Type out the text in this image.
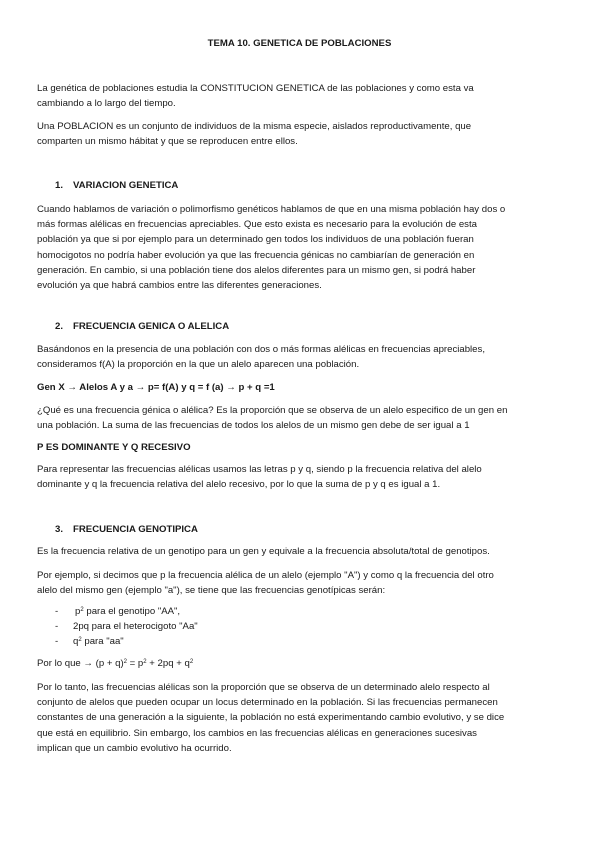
TEMA 10. GENETICA DE POBLACIONES
La genética de poblaciones estudia la CONSTITUCION GENETICA de las poblaciones y como esta va
cambiando a lo largo del tiempo.
Una POBLACION es un conjunto de individuos de la misma especie, aislados reproductivamente, que
comparten un mismo hábitat y que se reproducen entre ellos.
1. VARIACION GENETICA
Cuando hablamos de variación o polimorfismo genéticos hablamos de que en una misma población hay dos o
más formas alélicas en frecuencias apreciables. Que esto exista es necesario para la evolución de esta
población ya que si por ejemplo para un determinado gen todos los individuos de una población fueran
homocigotos no podría haber evolución ya que las frecuencia génicas no cambiarían de generación en
generación. En cambio, si una población tiene dos alelos diferentes para un mismo gen, si podrá haber
evolución ya que habrá cambios entre las diferentes generaciones.
2. FRECUENCIA GENICA O ALELICA
Basándonos en la presencia de una población con dos o más formas alélicas en frecuencias apreciables,
consideramos f(A) la proporción en la que un alelo aparecen una población.
Gen X → Alelos A y a → p= f(A) y q = f (a) → p + q =1
¿Qué es una frecuencia génica o alélica? Es la proporción que se observa de un alelo especifico de un gen en
una población. La suma de las frecuencias de todos los alelos de un mismo gen debe de ser igual a 1
P ES DOMINANTE Y Q RECESIVO
Para representar las frecuencias alélicas usamos las letras p y q, siendo p la frecuencia relativa del alelo
dominante y q la frecuencia relativa del alelo recesivo, por lo que la suma de p y q es igual a 1.
3. FRECUENCIA GENOTIPICA
Es la frecuencia relativa de un genotipo para un gen y equivale a la frecuencia absoluta/total de genotipos.
Por ejemplo, si decimos que p la frecuencia alélica de un alelo (ejemplo "A") y como q la frecuencia del otro
alelo del mismo gen (ejemplo "a"), se tiene que las frecuencias genotípicas serán:
- $p^2$ para el genotipo "AA",
- 2pq para el heterocigoto "Aa"
- $q^2$ para "aa"
Por lo que → $(p + q)^2 = p^2 + 2pq + q^2$
Por lo tanto, las frecuencias alélicas son la proporción que se observa de un determinado alelo respecto al
conjunto de alelos que pueden ocupar un locus determinado en la población. Si las frecuencias permanecen
constantes de una generación a la siguiente, la población no está experimentando cambio evolutivo, y se dice
que está en equilibrio. Sin embargo, los cambios en las frecuencias alélicas en generaciones sucesivas
implican que un cambio evolutivo ha ocurrido.
